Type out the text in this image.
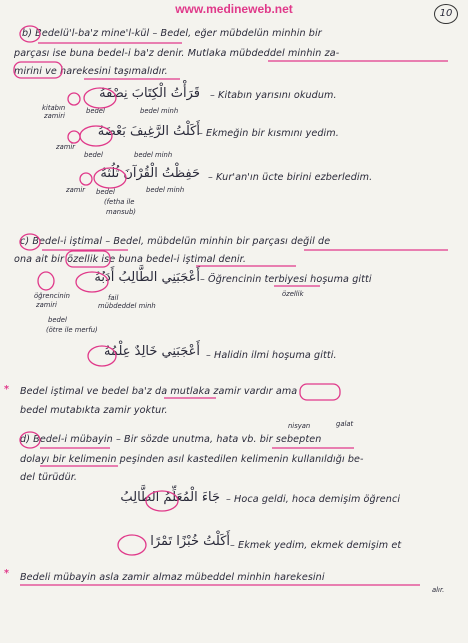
www.medineweb.net	10
b) Bedelü'l-ba'z mine'l-kül – Bedel, eğer mübdelün minhin bir
parçası ise buna bedel-i ba'z denir. Mutlaka mübdeddel minhin za-
mirini ve harekesini taşımalıdır.
قَرَأْتُ الْكِتَابَ نِصْفَهُ – Kitabın yarısını okudum.
kitabın
zamiri
bedel	bedel minh
أَكَلْتُ الرَّغِيفَ بَعْضَهُ
– Ekmeğin bir kısmını yedim.
zamir
bedel	bedel minh
حَفِظْتُ الْقُرْآنَ ثُلُثَهُ – Kur'an'ın ücte birini ezberledim.
zamir bedel	bedel minh
(fetha ile
mansub)
c) Bedel-i iştimal – Bedel, mübdelün minhin bir parçası değil de
ona ait bir özellik ise buna bedel-i iştimal denir.
أَعْجَبَنِي الطَّالِبُ أَدَبُهُ – Öğrencinin terbiyesi hoşuma gitti
öğrencinin
zamiri
fail
mübdeddel minh
özellik
bedel
(ötre ile merfu)
أَعْجَبَنِي خَالِدٌ عِلْمُهُ – Halidin ilmi hoşuma gitti.
* Bedel iştimal ve bedel ba'z da mutlaka zamir vardır ama
bedel mutabıkta zamir yoktur.
nisyan	galat
d) Bedel-i mübayin – Bir sözde unutma, hata vb. bir sebepten
dolayı bir kelimenin peşinden asıl kastedilen kelimenin kullanıldığı be-
del türüdür.
جَاءَ الْمُعَلِّمُ الطَّالِبُ – Hoca geldi, hoca demişim öğrenci
أَكَلْتُ خُبْزًا تَمْرًا – Ekmek yedim, ekmek demişim et
* Bedeli mübayin asla zamir almaz mübeddel minhin harekesini
alır.
